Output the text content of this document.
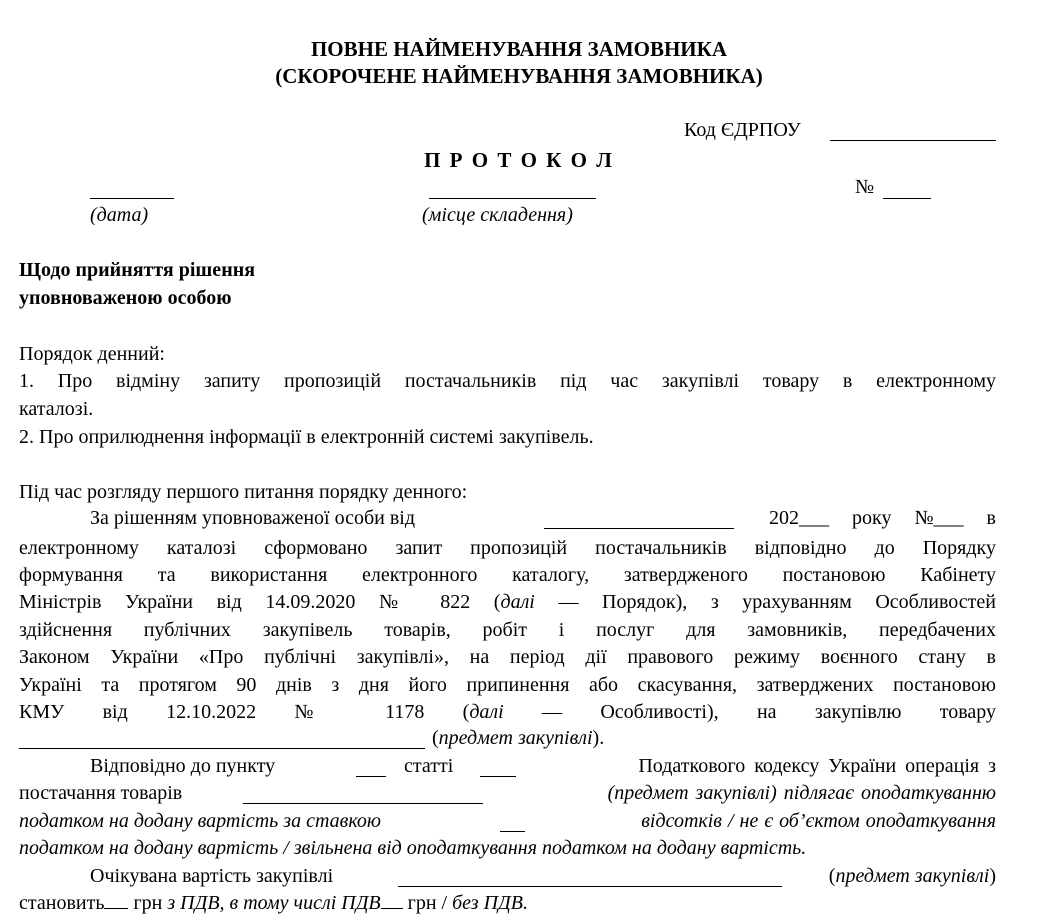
ПОВНЕ НАЙМЕНУВАННЯ ЗАМОВНИКА
(СКОРОЧЕНЕ НАЙМЕНУВАННЯ ЗАМОВНИКА)
Код ЄДРПОУ
П Р О Т О К О Л
№
(дата)	(місце складення)
Щодо прийняття рішення
уповноваженою особою
Порядок денний:
1. Про відміну запиту пропозицій постачальників під час закупівлі товару в електронному
каталозі.
2. Про оприлюднення інформації в електронній системі закупівель.
Під час розгляду першого питання порядку денного:
За рішенням уповноваженої особи від	202___ року №___ в
електронному каталозі сформовано запит пропозицій постачальників відповідно до Порядку
формування та використання електронного каталогу, затвердженого постановою Кабінету
Міністрів України від 14.09.2020 № 822 (далі — Порядок), з урахуванням Особливостей
здійснення публічних закупівель товарів, робіт і послуг для замовників, передбачених
Законом України «Про публічні закупівлі», на період дії правового режиму воєнного стану в
Україні та протягом 90 днів з дня його припинення або скасування, затверджених постановою
КМУ від 12.10.2022 № 1178 (далі — Особливості), на закупівлю товару
(предмет закупівлі).
Відповідно до пункту	статті	Податкового кодексу України операція з
постачання товарів	(предмет закупівлі) підлягає оподаткуванню
податком на додану вартість за ставкою	відсотків / не є об’єктом оподаткування
податком на додану вартість / звільнена від оподаткування податком на додану вартість.
Очікувана вартість закупівлі	(предмет закупівлі)
становить грн з ПДВ, в тому числі ПДВ грн / без ПДВ.
